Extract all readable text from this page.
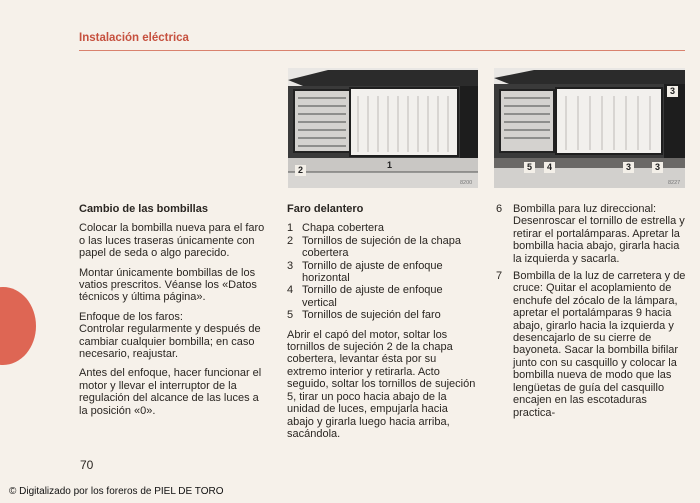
Instalación eléctrica
2	1
8200
3
5	4	3	3
8227
Cambio de las bombillas

Colocar la bombilla nueva para el faro o las luces traseras únicamente con papel de seda o algo parecido.

Montar únicamente bombillas de los vatios prescritos. Véanse los «Datos técnicos y última página».

Enfoque de los faros:
Controlar regularmente y después de cambiar cualquier bombilla; en caso necesario, reajustar.

Antes del enfoque, hacer funcionar el motor y llevar el interruptor de la regulación del alcance de las luces a la posición «0».

Faro delantero
1 Chapa cobertera
2 Tornillos de sujeción de la chapa cobertera
3 Tornillo de ajuste de enfoque horizontal
4 Tornillo de ajuste de enfoque vertical
5 Tornillos de sujeción del faro

Abrir el capó del motor, soltar los tornillos de sujeción 2 de la chapa cobertera, levantar ésta por su extremo interior y retirarla. Acto seguido, soltar los tornillos de sujeción 5, tirar un poco hacia abajo de la unidad de luces, empujarla hacia abajo y girarla luego hacia arriba, sacándola.

6 Bombilla para luz direccional: Desenroscar el tornillo de estrella y retirar el portalámparas. Apretar la bombilla hacia abajo, girarla hacia la izquierda y sacarla.
7 Bombilla de la luz de carretera y de cruce: Quitar el acoplamiento de enchufe del zócalo de la lámpara, apretar el portalámparas 9 hacia abajo, girarlo hacia la izquierda y desencajarlo de su cierre de bayoneta. Sacar la bombilla bifilar junto con su casquillo y colocar la bombilla nueva de modo que las lengüetas de guía del casquillo encajen en las escotaduras practica-
70
© Digitalizado por los foreros de PIEL DE TORO
